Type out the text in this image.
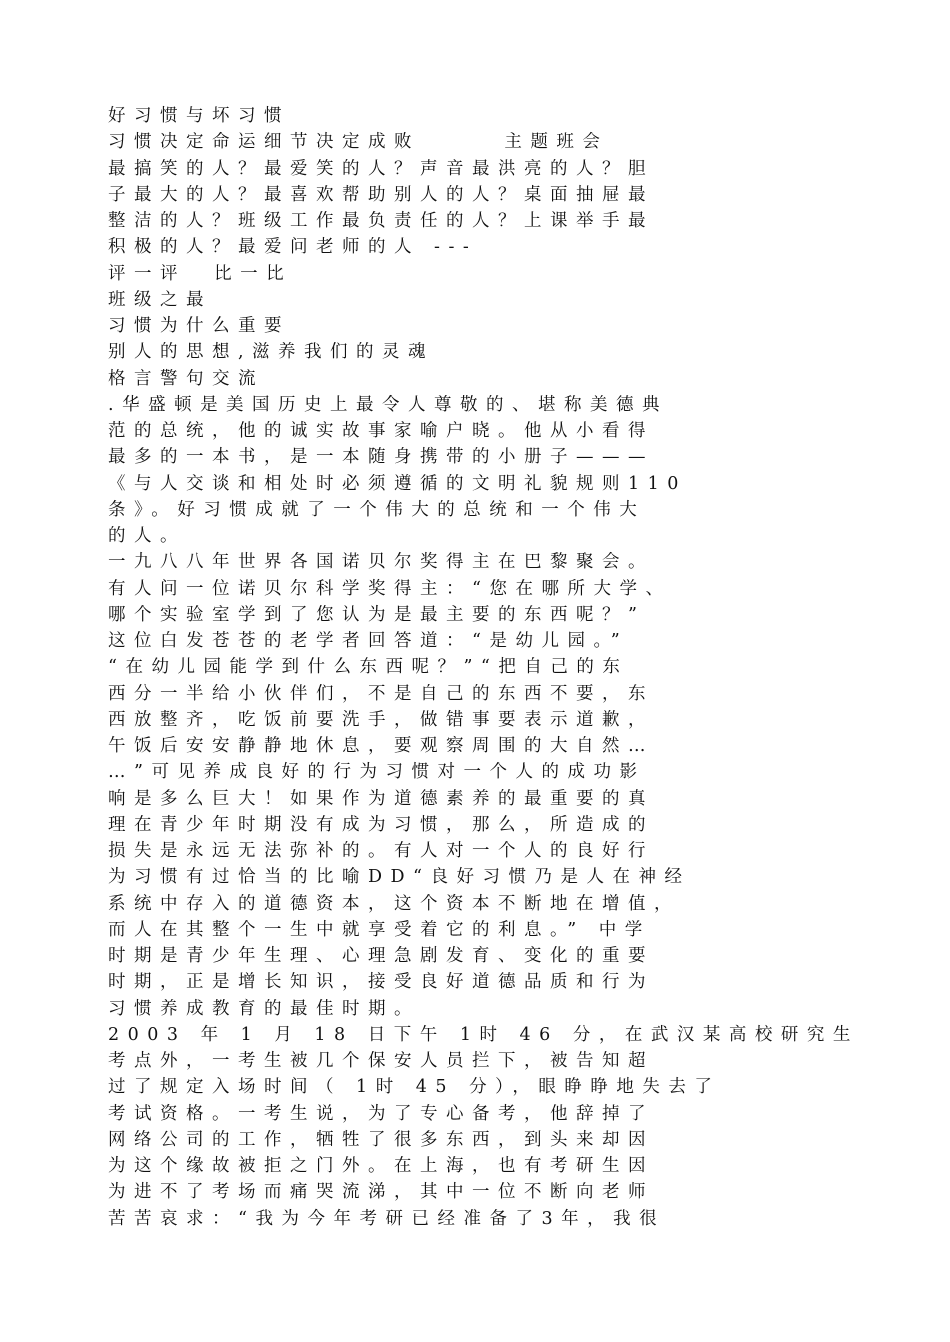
好习惯与坏习惯
习惯决定命运细节决定成败      主题班会
最搞笑的人？最爱笑的人？声音最洪亮的人？胆
子最大的人？最喜欢帮助别人的人？桌面抽屉最
整洁的人？班级工作最负责任的人？上课举手最
积极的人？最爱问老师的人 ---
评一评  比一比
班级之最
习惯为什么重要
别人的思想,滋养我们的灵魂
格言警句交流
.华盛顿是美国历史上最令人尊敬的、堪称美德典
范的总统，他的诚实故事家喻户晓。他从小看得
最多的一本书，是一本随身携带的小册子———
《与人交谈和相处时必须遵循的文明礼貌规则110
条》。好习惯成就了一个伟大的总统和一个伟大
的人。
一九八八年世界各国诺贝尔奖得主在巴黎聚会。
有人问一位诺贝尔科学奖得主：“您在哪所大学、
哪个实验室学到了您认为是最主要的东西呢？”
这位白发苍苍的老学者回答道：“是幼儿园。”
“在幼儿园能学到什么东西呢？”“把自己的东
西分一半给小伙伴们，不是自己的东西不要，东
西放整齐，吃饭前要洗手，做错事要表示道歉，
午饭后安安静静地休息，要观察周围的大自然…
…”可见养成良好的行为习惯对一个人的成功影
响是多么巨大！如果作为道德素养的最重要的真
理在青少年时期没有成为习惯，那么，所造成的
损失是永远无法弥补的。有人对一个人的良好行
为习惯有过恰当的比喻DD“良好习惯乃是人在神经
系统中存入的道德资本，这个资本不断地在增值，
而人在其整个一生中就享受着它的利息。” 中学
时期是青少年生理、心理急剧发育、变化的重要
时期，正是增长知识，接受良好道德品质和行为
习惯养成教育的最佳时期。
2003 年 1 月 18 日下午 1时 46 分，在武汉某高校研究生
考点外，一考生被几个保安人员拦下，被告知超
过了规定入场时间（ 1时 45 分），眼睁睁地失去了
考试资格。一考生说，为了专心备考，他辞掉了
网络公司的工作，牺牲了很多东西，到头来却因
为这个缘故被拒之门外。在上海，也有考研生因
为进不了考场而痛哭流涕，其中一位不断向老师
苦苦哀求：“我为今年考研已经准备了3年，我很
